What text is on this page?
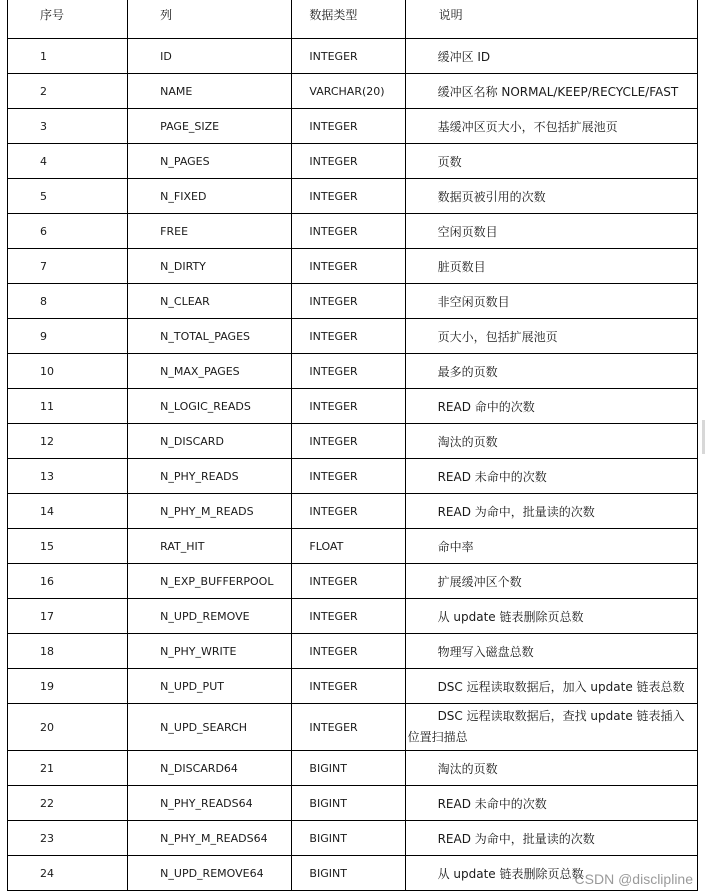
序号	列	数据类型	说明
1	ID	INTEGER	缓冲区 ID
2	NAME	VARCHAR(20)	缓冲区名称 NORMAL/KEEP/RECYCLE/FAST
3	PAGE_SIZE	INTEGER	基缓冲区页大小，不包括扩展池页
4	N_PAGES	INTEGER	页数
5	N_FIXED	INTEGER	数据页被引用的次数
6	FREE	INTEGER	空闲页数目
7	N_DIRTY	INTEGER	脏页数目
8	N_CLEAR	INTEGER	非空闲页数目
9	N_TOTAL_PAGES	INTEGER	页大小，包括扩展池页
10	N_MAX_PAGES	INTEGER	最多的页数
11	N_LOGIC_READS	INTEGER	READ 命中的次数
12	N_DISCARD	INTEGER	淘汰的页数
13	N_PHY_READS	INTEGER	READ 未命中的次数
14	N_PHY_M_READS	INTEGER	READ 为命中，批量读的次数
15	RAT_HIT	FLOAT	命中率
16	N_EXP_BUFFERPOOL	INTEGER	扩展缓冲区个数
17	N_UPD_REMOVE	INTEGER	从 update 链表删除页总数
18	N_PHY_WRITE	INTEGER	物理写入磁盘总数
19	N_UPD_PUT	INTEGER	DSC 远程读取数据后，加入 update 链表总数
20	N_UPD_SEARCH	INTEGER	DSC 远程读取数据后，查找 update 链表插入位置扫描总
21	N_DISCARD64	BIGINT	淘汰的页数
22	N_PHY_READS64	BIGINT	READ 未命中的次数
23	N_PHY_M_READS64	BIGINT	READ 为命中，批量读的次数
24	N_UPD_REMOVE64	BIGINT	从 update 链表删除页总数
CSDN @disclipline
